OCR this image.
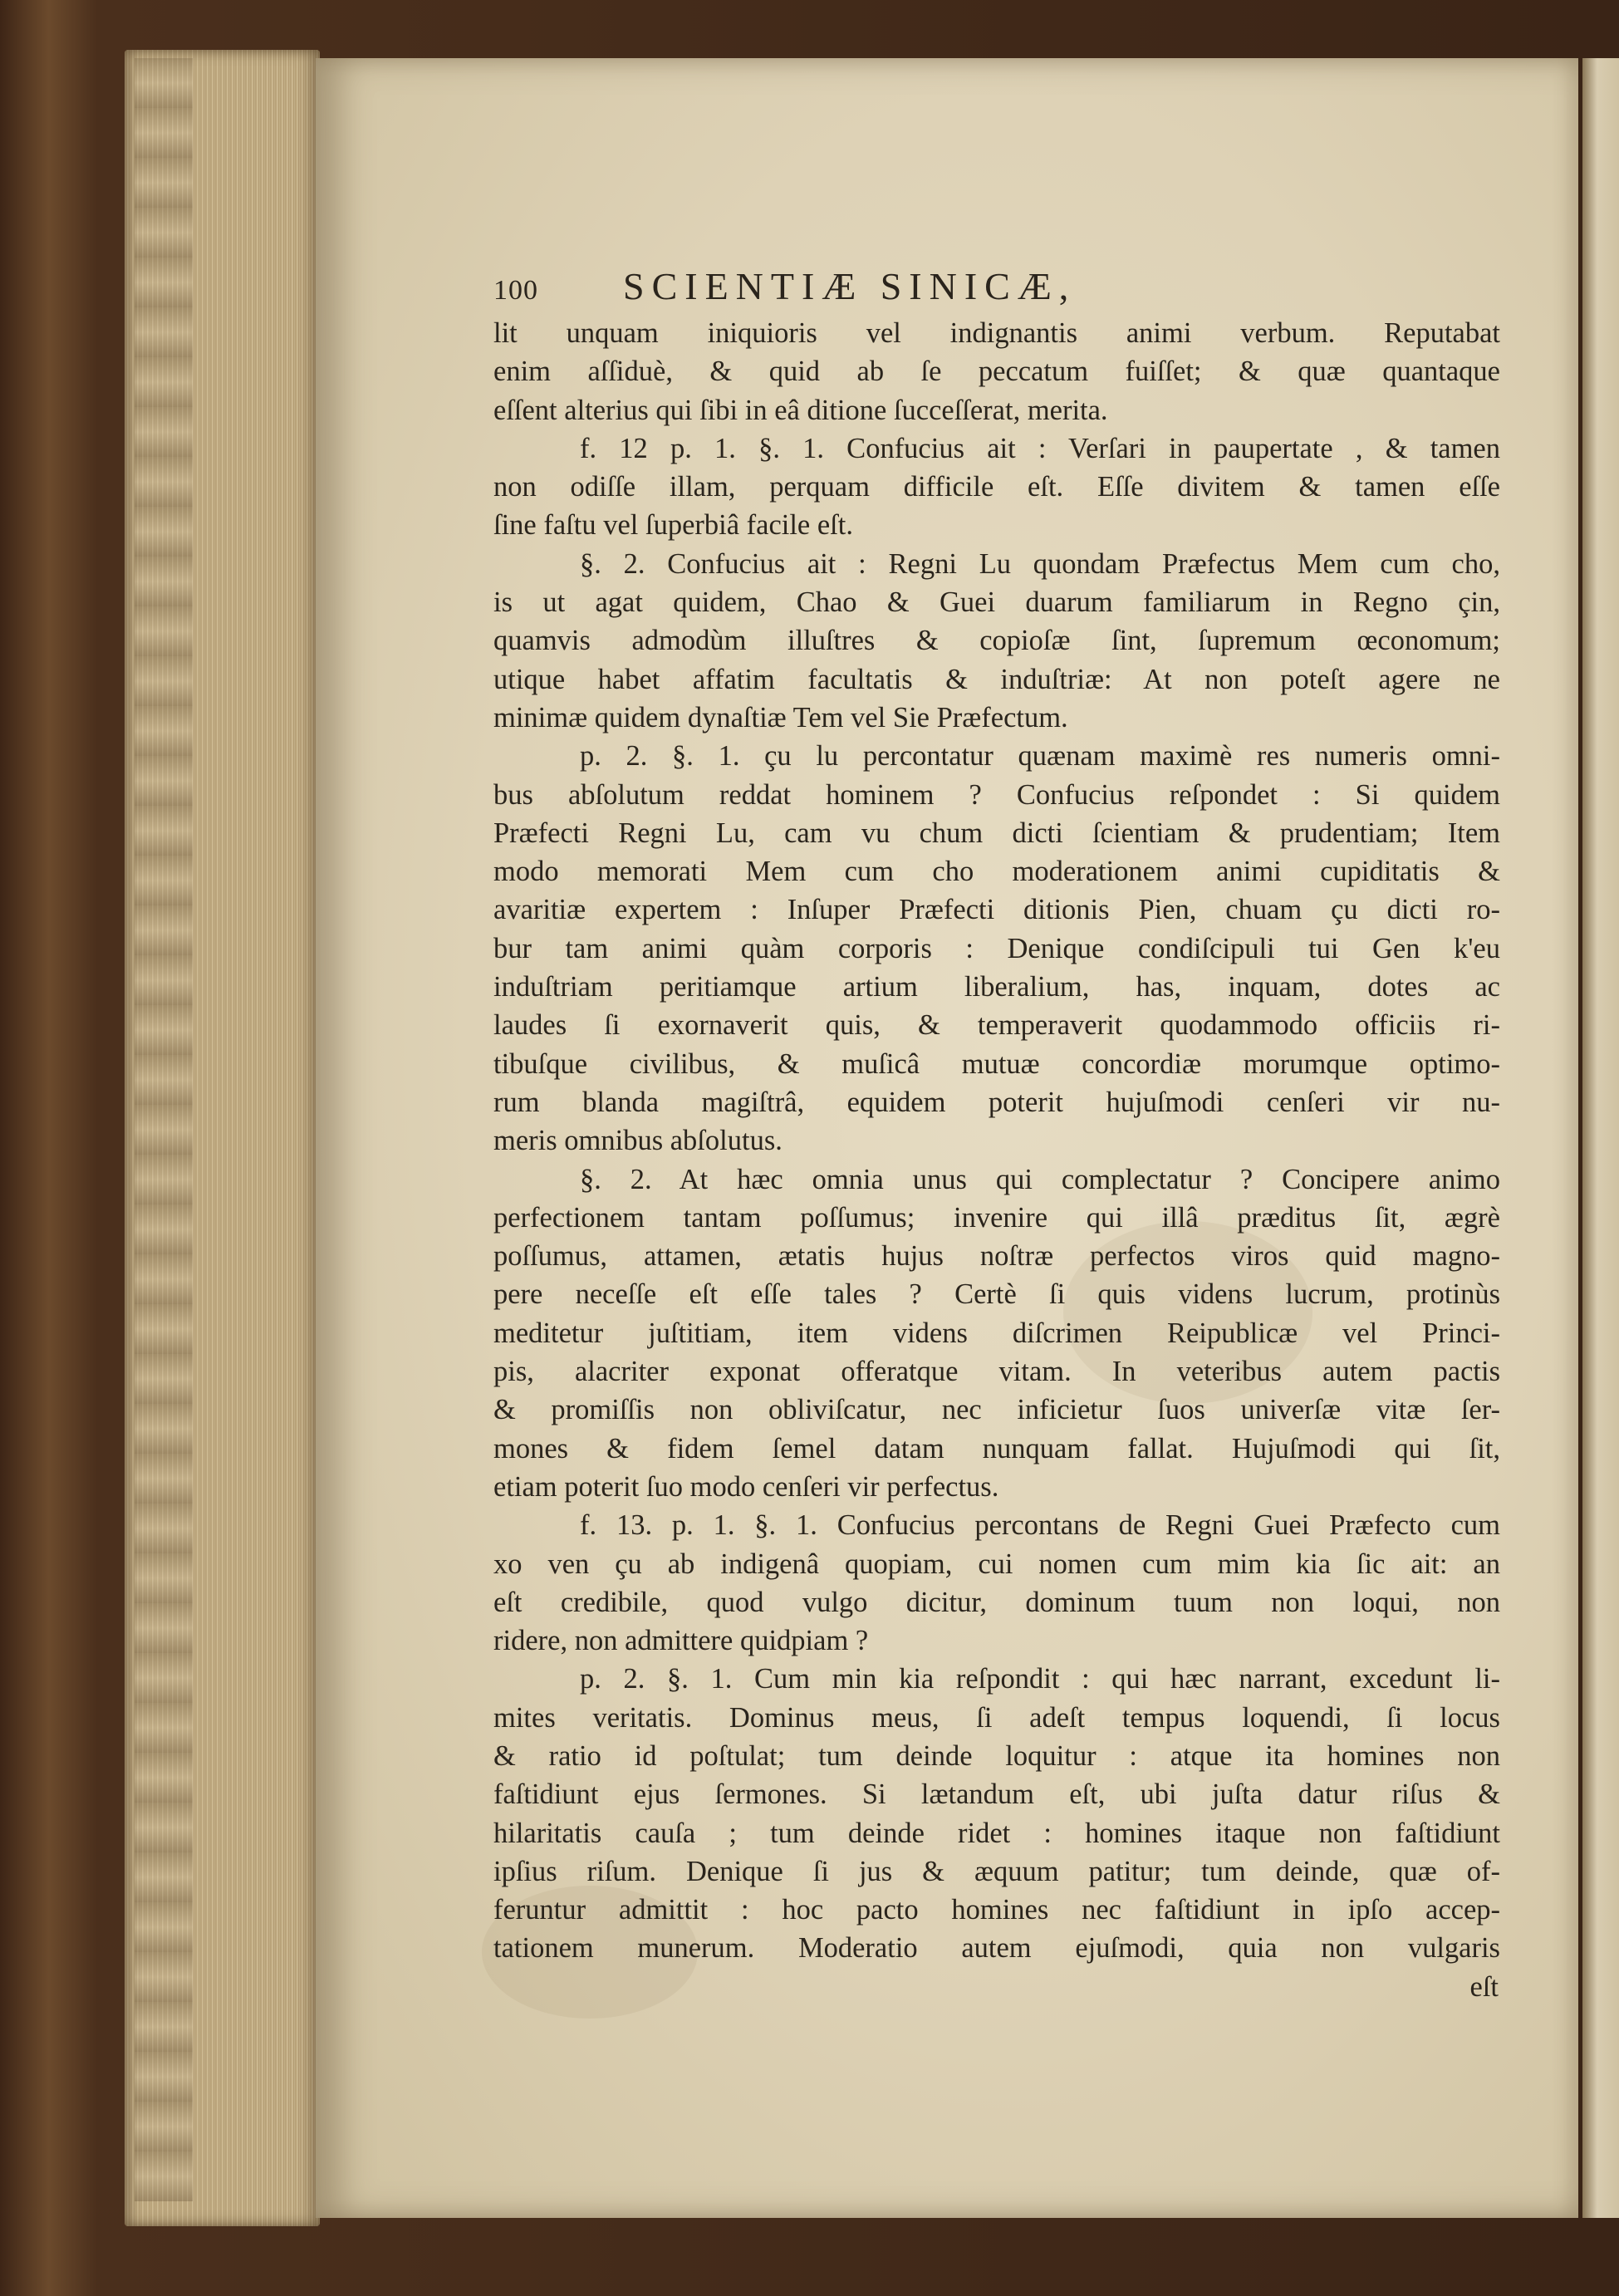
100	SCIENTIÆ SINICÆ,
lit unquam iniquioris vel indignantis animi verbum. Reputabat
enim aſſiduè, & quid ab ſe peccatum fuiſſet; & quæ quantaque
eſſent alterius qui ſibi in eâ ditione ſucceſſerat, merita.
f. 12 p. 1. §. 1. Confucius ait : Verſari in paupertate , & tamen
non odiſſe illam, perquam difficile eſt. Eſſe divitem & tamen eſſe
ſine faſtu vel ſuperbiâ facile eſt.
§. 2. Confucius ait : Regni Lu quondam Præfectus Mem cum cho,
is ut agat quidem, Chao & Guei duarum familiarum in Regno çin,
quamvis admodùm illuſtres & copioſæ ſint, ſupremum œconomum;
utique habet affatim facultatis & induſtriæ: At non poteſt agere ne
minimæ quidem dynaſtiæ Tem vel Sie Præfectum.
p. 2. §. 1. çu lu percontatur quænam maximè res numeris omni-
bus abſolutum reddat hominem ? Confucius reſpondet : Si quidem
Præfecti Regni Lu, cam vu chum dicti ſcientiam & prudentiam; Item
modo memorati Mem cum cho moderationem animi cupiditatis &
avaritiæ expertem : Inſuper Præfecti ditionis Pien, chuam çu dicti ro-
bur tam animi quàm corporis : Denique condiſcipuli tui Gen k'eu
induſtriam peritiamque artium liberalium, has, inquam, dotes ac
laudes ſi exornaverit quis, & temperaverit quodammodo officiis ri-
tibuſque civilibus, & muſicâ mutuæ concordiæ morumque optimo-
rum blanda magiſtrâ, equidem poterit hujuſmodi cenſeri vir nu-
meris omnibus abſolutus.
§. 2. At hæc omnia unus qui complectatur ? Concipere animo
perfectionem tantam poſſumus; invenire qui illâ præditus ſit, ægrè
poſſumus, attamen, ætatis hujus noſtræ perfectos viros quid magno-
pere neceſſe eſt eſſe tales ? Certè ſi quis videns lucrum, protinùs
meditetur juſtitiam, item videns diſcrimen Reipublicæ vel Princi-
pis, alacriter exponat offeratque vitam. In veteribus autem pactis
& promiſſis non obliviſcatur, nec inficietur ſuos univerſæ vitæ ſer-
mones & fidem ſemel datam nunquam fallat. Hujuſmodi qui ſit,
etiam poterit ſuo modo cenſeri vir perfectus.
f. 13. p. 1. §. 1. Confucius percontans de Regni Guei Præfecto cum
xo ven çu ab indigenâ quopiam, cui nomen cum mim kia ſic ait: an
eſt credibile, quod vulgo dicitur, dominum tuum non loqui, non
ridere, non admittere quidpiam ?
p. 2. §. 1. Cum min kia reſpondit : qui hæc narrant, excedunt li-
mites veritatis. Dominus meus, ſi adeſt tempus loquendi, ſi locus
& ratio id poſtulat; tum deinde loquitur : atque ita homines non
faſtidiunt ejus ſermones. Si lætandum eſt, ubi juſta datur riſus &
hilaritatis cauſa ; tum deinde ridet : homines itaque non faſtidiunt
ipſius riſum. Denique ſi jus & æquum patitur; tum deinde, quæ of-
feruntur admittit : hoc pacto homines nec faſtidiunt in ipſo accep-
tationem munerum. Moderatio autem ejuſmodi, quia non vulgaris
eſt
